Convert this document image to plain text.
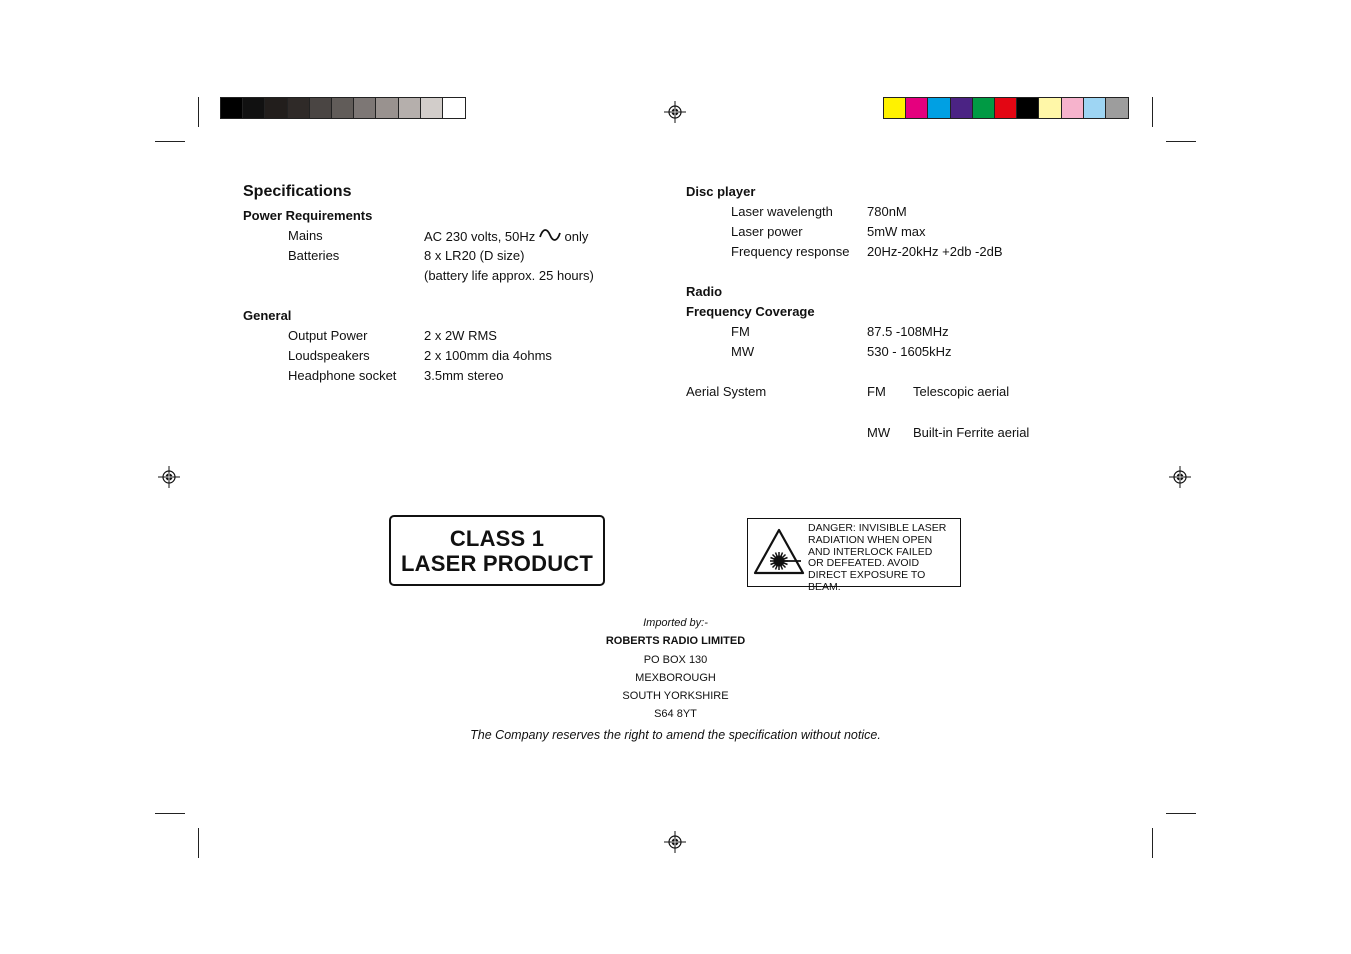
Specifications
Power Requirements
Mains	AC 230 volts, 50Hz only
Batteries	8 x LR20 (D size)
(battery life approx. 25 hours)
General
Output Power	2 x 2W RMS
Loudspeakers	2 x 100mm dia 4ohms
Headphone socket 3.5mm stereo
Disc player
Laser wavelength	780nM
Laser power	5mW max
Frequency response 20Hz-20kHz +2db -2dB
Radio
Frequency Coverage
FM	87.5 -108MHz
MW	530 - 1605kHz
Aerial System	FM Telescopic aerial
MW Built-in Ferrite aerial
CLASS 1
LASER PRODUCT
DANGER: INVISIBLE LASER
RADIATION WHEN OPEN
AND INTERLOCK FAILED
OR DEFEATED. AVOID
DIRECT EXPOSURE TO BEAM.
Imported by:-
ROBERTS RADIO LIMITED
PO BOX 130
MEXBOROUGH
SOUTH YORKSHIRE
S64 8YT
The Company reserves the right to amend the specification without notice.
